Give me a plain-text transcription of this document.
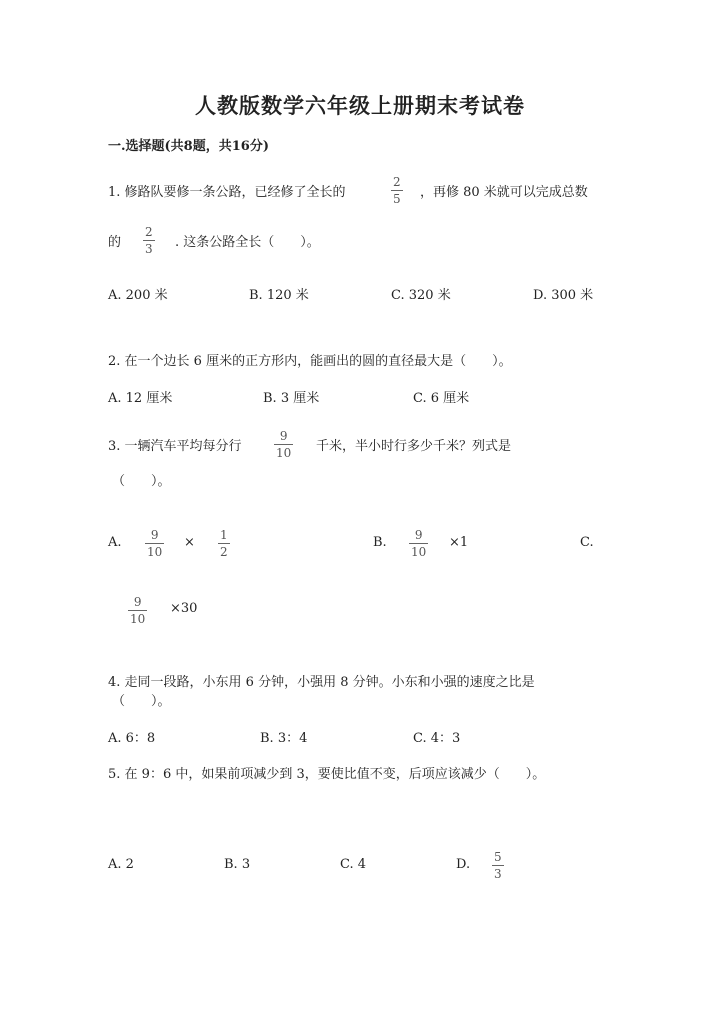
人教版数学六年级上册期末考试卷
一.选择题(共8题，共16分)
1. 修路队要修一条公路，已经修了全长的
2
5 ，再修 80 米就可以完成总数
的
2
3 . 这条公路全长（　　）。
A. 200 米	B. 120 米	C. 320 米	D. 300 米
2. 在一个边长 6 厘米的正方形内，能画出的圆的直径最大是（　　）。
A. 12 厘米	B. 3 厘米	C. 6 厘米
3. 一辆汽车平均每分行
9
10 千米，半小时行多少千米？列式是
（　　）。
A. 9
10
× 1
2
B. 9
10
×1	C.
9
10
×30
4. 走同一段路，小东用 6 分钟，小强用 8 分钟。小东和小强的速度之比是
（　　）。
A. 6：8	B. 3：4	C. 4：3
5. 在 9：6 中，如果前项减少到 3，要使比值不变，后项应该减少（　　）。
A. 2	B. 3	C. 4	D. 5
3
